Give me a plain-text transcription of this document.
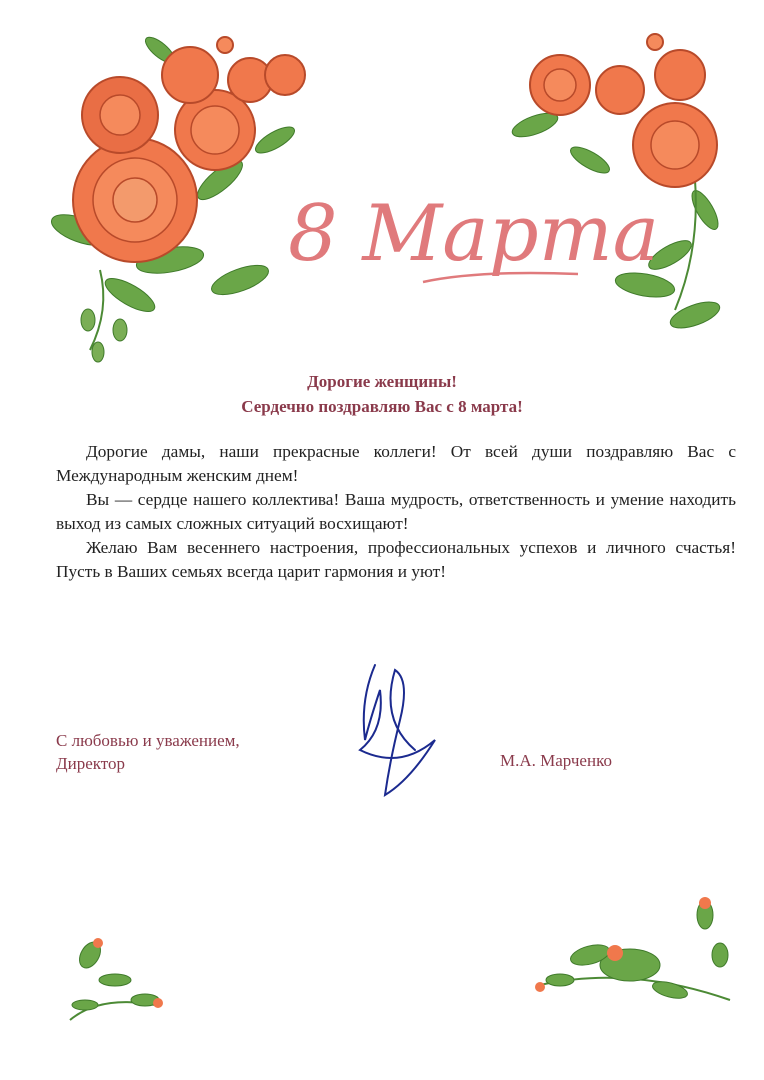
8 Марта
Дорогие женщины!
Сердечно поздравляю Вас с 8 марта!

Дорогие дамы, наши прекрасные коллеги! От всей души поздравляю Вас с Международным женским днем!

Вы — сердце нашего коллектива! Ваша мудрость, ответственность и умение находить выход из самых сложных ситуаций восхищают!

Желаю Вам весеннего настроения, профессиональных успехов и личного счастья! Пусть в Ваших семьях всегда царит гармония и уют!

С любовью и уважением,
Директор	М.А. Марченко
